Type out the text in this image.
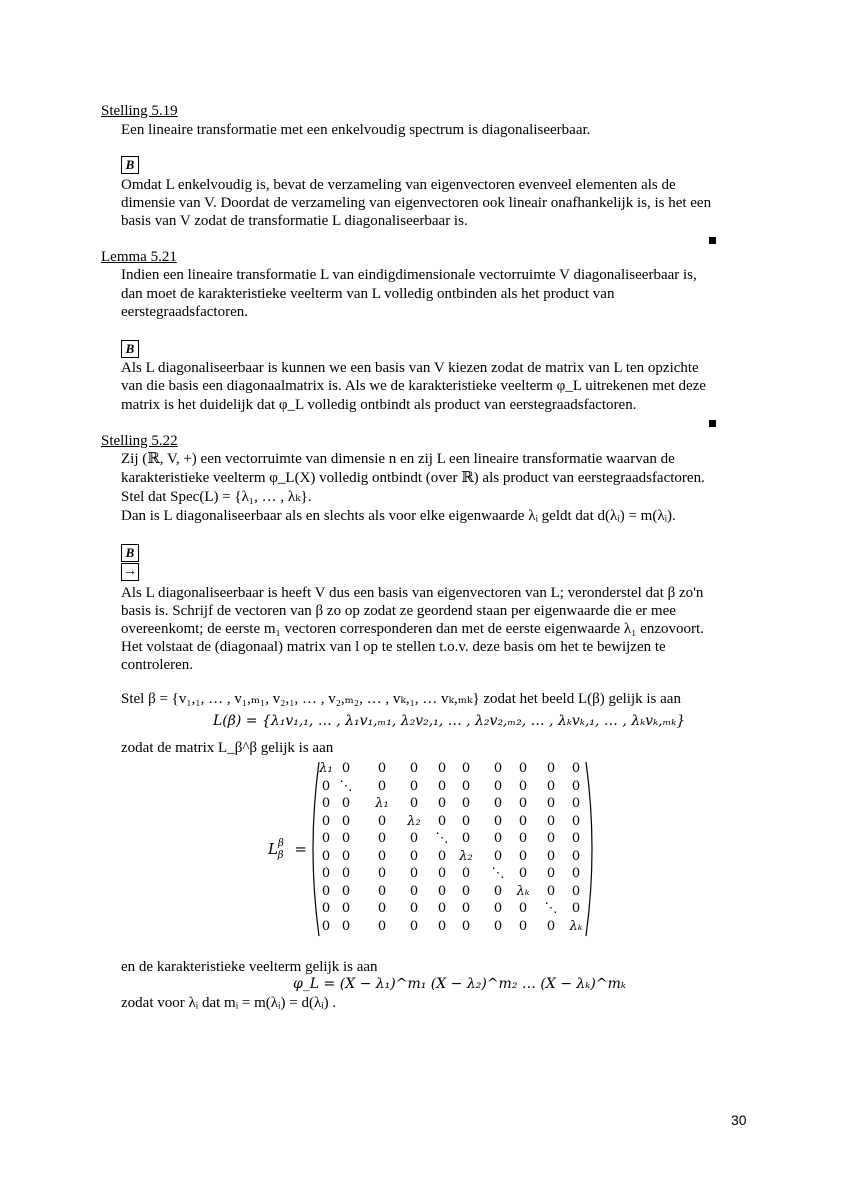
Stelling 5.19
Een lineaire transformatie met een enkelvoudig spectrum is diagonaliseerbaar.
B
Omdat L enkelvoudig is, bevat de verzameling van eigenvectoren evenveel elementen als de
dimensie van V. Doordat de verzameling van eigenvectoren ook lineair onafhankelijk is, is het een
basis van V zodat de transformatie L diagonaliseerbaar is.
Lemma 5.21
Indien een lineaire transformatie L van eindigdimensionale vectorruimte V diagonaliseerbaar is,
dan moet de karakteristieke veelterm van L volledig ontbinden als het product van
eerstegraadsfactoren.
B
Als L diagonaliseerbaar is kunnen we een basis van V kiezen zodat de matrix van L ten opzichte
van die basis een diagonaalmatrix is. Als we de karakteristieke veelterm φ_L uitrekenen met deze
matrix is het duidelijk dat φ_L volledig ontbindt als product van eerstegraadsfactoren.
Stelling 5.22
Zij (ℝ, V, +) een vectorruimte van dimensie n en zij L een lineaire transformatie waarvan de
karakteristieke veelterm φ_L(X) volledig ontbindt (over ℝ) als product van eerstegraadsfactoren.
Stel dat Spec(L) = {λ₁, … , λₖ}.
Dan is L diagonaliseerbaar als en slechts als voor elke eigenwaarde λᵢ geldt dat d(λᵢ) = m(λᵢ).
B
→
Als L diagonaliseerbaar is heeft V dus een basis van eigenvectoren van L; veronderstel dat β zo'n
basis is. Schrijf de vectoren van β zo op zodat ze geordend staan per eigenwaarde die er mee
overeenkomt; de eerste m₁ vectoren corresponderen dan met de eerste eigenwaarde λ₁ enzovoort.
Het volstaat de (diagonaal) matrix van l op te stellen t.o.v. deze basis om het te bewijzen te
controleren.
Stel β = {v₁,₁, … , v₁,ₘ₁, v₂,₁, … , v₂,ₘ₂, … , vₖ,₁, … vₖ,ₘₖ} zodat het beeld L(β) gelijk is aan
L(β) = {λ₁v₁,₁, … , λ₁v₁,ₘ₁, λ₂v₂,₁, … , λ₂v₂,ₘ₂, … , λₖvₖ,₁, … , λₖvₖ,ₘₖ}
zodat de matrix L_β^β gelijk is aan
$L^\beta_\beta$ =
λ₁ 0	0	0	0	0	0	0	0	0
0 ⋱	0	0	0	0	0	0	0	0
0 0	λ₁	0	0	0	0	0	0	0
0 0	0	λ₂	0	0	0	0	0	0
0 0	0	0	⋱	0	0	0	0	0
0 0	0	0	0	λ₂	0	0	0	0
0 0	0	0	0	0	⋱	0	0	0
0 0	0	0	0	0	0	λₖ	0	0
0 0	0	0	0	0	0	0	⋱	0
0 0	0	0	0	0	0	0	0	λₖ
en de karakteristieke veelterm gelijk is aan
φ_L = (X − λ₁)^m₁ (X − λ₂)^m₂ … (X − λₖ)^mₖ
zodat voor λᵢ dat mᵢ = m(λᵢ) = d(λᵢ) .
30
